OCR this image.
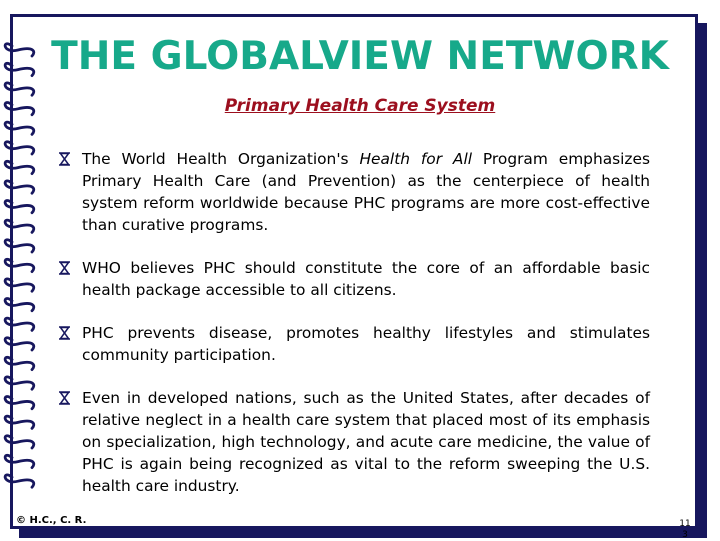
THE GLOBALVIEW NETWORK
Primary Health Care System
The World Health Organization's Health for All Program emphasizes Primary Health Care (and Prevention) as the centerpiece of health system reform worldwide because PHC programs are more cost-effective than curative programs.
WHO believes PHC should constitute the core of an affordable basic health package accessible to all citizens.
PHC prevents disease, promotes healthy lifestyles and stimulates community participation.
Even in developed nations, such as the United States, after decades of relative neglect in a health care system that placed most of its emphasis on specialization, high technology, and acute care medicine, the value of PHC is again being recognized as vital to the reform sweeping the U.S. health care industry.
© H.C., C. R.	11
3
